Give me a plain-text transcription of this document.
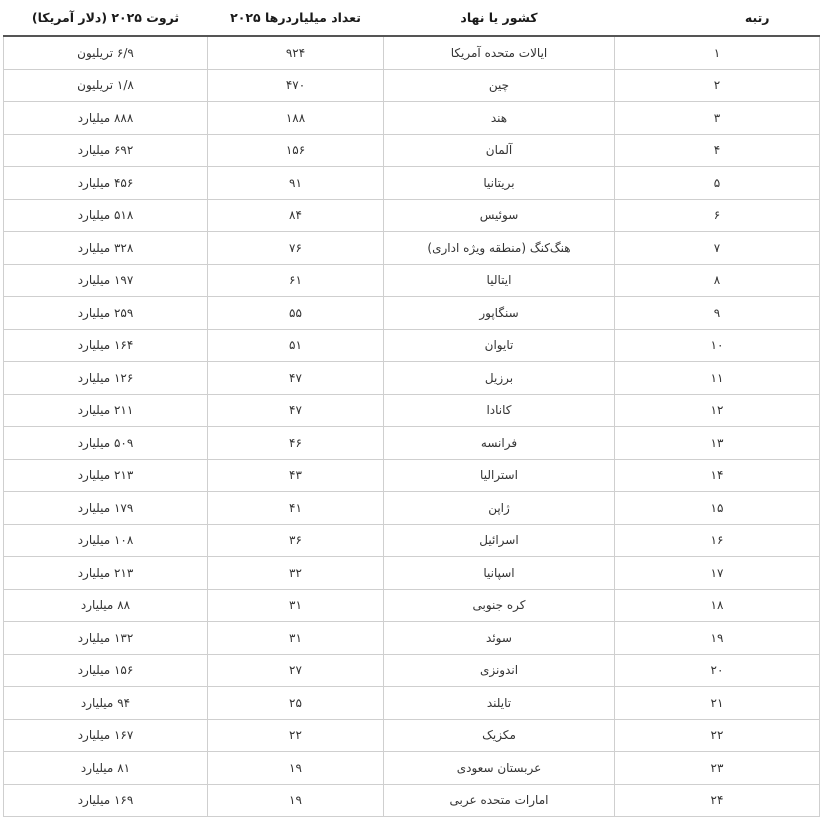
رتبه	کشور یا نهاد	تعداد میلیاردرها ۲۰۲۵	ثروت ۲۰۲۵ (دلار آمریکا)
۱	ایالات متحده آمریکا	۹۲۴	۶/۹ تریلیون
۲	چین	۴۷۰	۱/۸ تریلیون
۳	هند	۱۸۸	۸۸۸ میلیارد
۴	آلمان	۱۵۶	۶۹۲ میلیارد
۵	بریتانیا	۹۱	۴۵۶ میلیارد
۶	سوئیس	۸۴	۵۱۸ میلیارد
۷	هنگ‌کنگ (منطقه ویژه اداری)	۷۶	۳۲۸ میلیارد
۸	ایتالیا	۶۱	۱۹۷ میلیارد
۹	سنگاپور	۵۵	۲۵۹ میلیارد
۱۰	تایوان	۵۱	۱۶۴ میلیارد
۱۱	برزیل	۴۷	۱۲۶ میلیارد
۱۲	کانادا	۴۷	۲۱۱ میلیارد
۱۳	فرانسه	۴۶	۵۰۹ میلیارد
۱۴	استرالیا	۴۳	۲۱۳ میلیارد
۱۵	ژاپن	۴۱	۱۷۹ میلیارد
۱۶	اسرائیل	۳۶	۱۰۸ میلیارد
۱۷	اسپانیا	۳۲	۲۱۳ میلیارد
۱۸	کره جنوبی	۳۱	۸۸ میلیارد
۱۹	سوئد	۳۱	۱۳۲ میلیارد
۲۰	اندونزی	۲۷	۱۵۶ میلیارد
۲۱	تایلند	۲۵	۹۴ میلیارد
۲۲	مکزیک	۲۲	۱۶۷ میلیارد
۲۳	عربستان سعودی	۱۹	۸۱ میلیارد
۲۴	امارات متحده عربی	۱۹	۱۶۹ میلیارد
